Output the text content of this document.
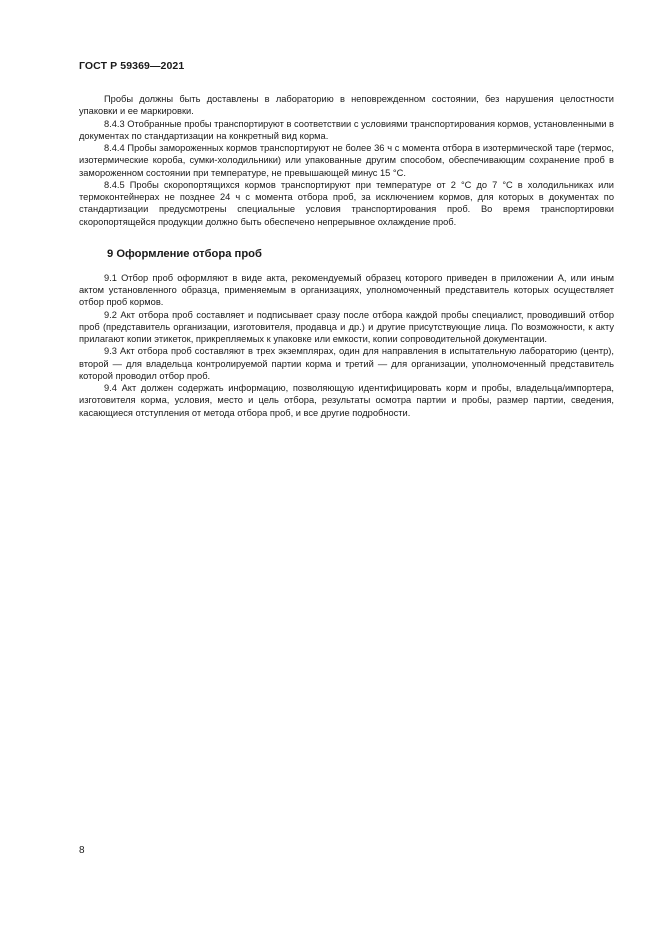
ГОСТ Р 59369—2021

Пробы должны быть доставлены в лабораторию в неповрежденном состоянии, без нарушения целостности упаковки и ее маркировки.

8.4.3 Отобранные пробы транспортируют в соответствии с условиями транспортирования кормов, установленными в документах по стандартизации на конкретный вид корма.

8.4.4 Пробы замороженных кормов транспортируют не более 36 ч с момента отбора в изотермической таре (термос, изотермические короба, сумки-холодильники) или упакованные другим способом, обеспечивающим сохранение проб в замороженном состоянии при температуре, не превышающей минус 15 °С.

8.4.5 Пробы скоропортящихся кормов транспортируют при температуре от 2 °С до 7 °С в холодильниках или термоконтейнерах не позднее 24 ч с момента отбора проб, за исключением кормов, для которых в документах по стандартизации предусмотрены специальные условия транспортирования проб. Во время транспортировки скоропортящейся продукции должно быть обеспечено непрерывное охлаждение проб.

9 Оформление отбора проб

9.1 Отбор проб оформляют в виде акта, рекомендуемый образец которого приведен в приложении А, или иным актом установленного образца, применяемым в организациях, уполномоченный представитель которых осуществляет отбор проб кормов.

9.2 Акт отбора проб составляет и подписывает сразу после отбора каждой пробы специалист, проводивший отбор проб (представитель организации, изготовителя, продавца и др.) и другие присутствующие лица. По возможности, к акту прилагают копии этикеток, прикрепляемых к упаковке или емкости, копии сопроводительной документации.

9.3 Акт отбора проб составляют в трех экземплярах, один для направления в испытательную лабораторию (центр), второй — для владельца контролируемой партии корма и третий — для организации, уполномоченный представитель которой проводил отбор проб.

9.4 Акт должен содержать информацию, позволяющую идентифицировать корм и пробы, владельца/импортера, изготовителя корма, условия, место и цель отбора, результаты осмотра партии и пробы, размер партии, сведения, касающиеся отступления от метода отбора проб, и все другие подробности.

8
